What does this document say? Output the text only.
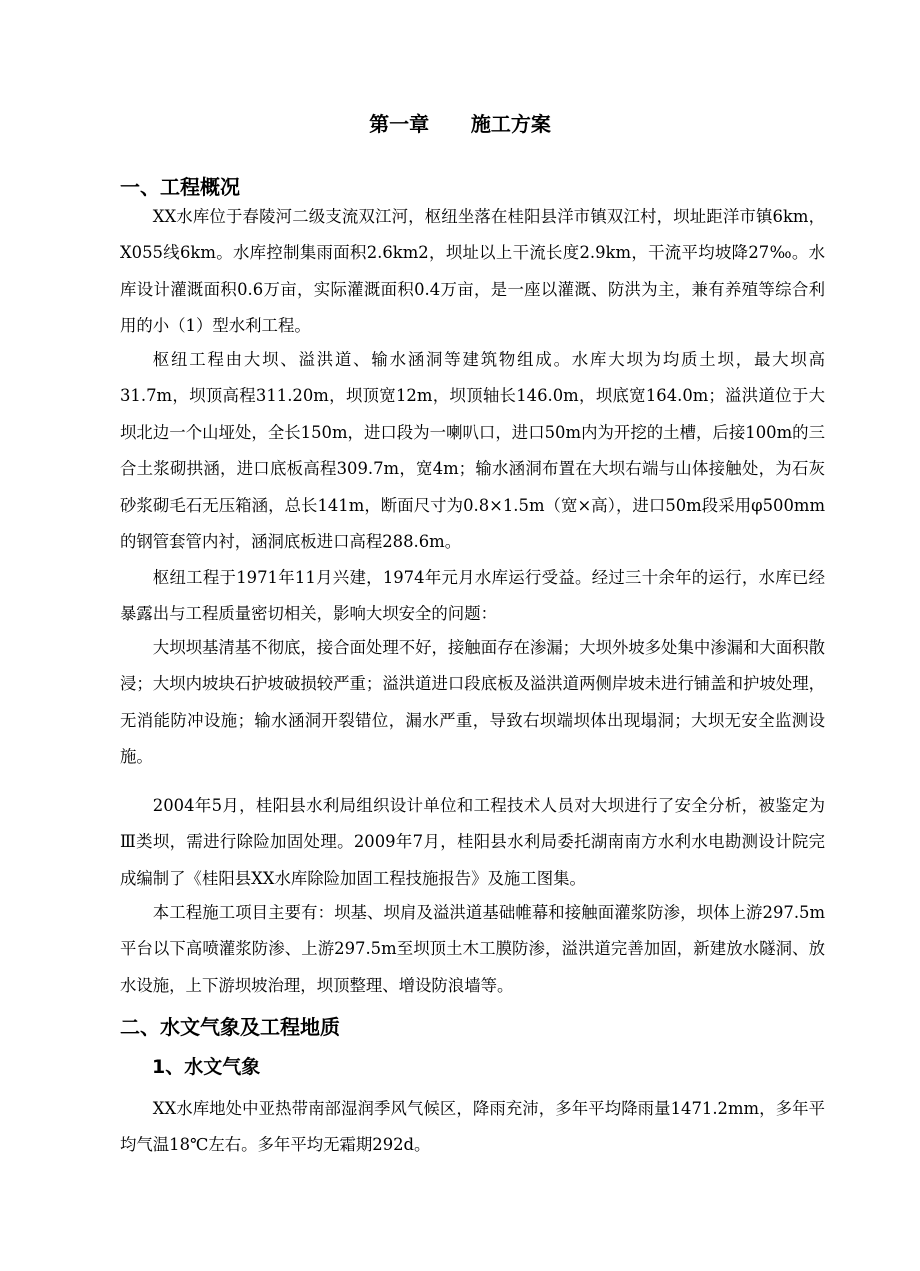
第一章      施工方案
一、工程概况

XX水库位于春陵河二级支流双江河，枢纽坐落在桂阳县洋市镇双江村，坝址距洋市镇6km，X055线6km。水库控制集雨面积2.6km2，坝址以上干流长度2.9km，干流平均坡降27‰。水库设计灌溉面积0.6万亩，实际灌溉面积0.4万亩，是一座以灌溉、防洪为主，兼有养殖等综合利用的小（1）型水利工程。

枢纽工程由大坝、溢洪道、输水涵洞等建筑物组成。水库大坝为均质土坝，最大坝高31.7m，坝顶高程311.20m，坝顶宽12m，坝顶轴长146.0m，坝底宽164.0m；溢洪道位于大坝北边一个山垭处，全长150m，进口段为一喇叭口，进口50m内为开挖的土槽，后接100m的三合土浆砌拱涵，进口底板高程309.7m，宽4m；输水涵洞布置在大坝右端与山体接触处，为石灰砂浆砌毛石无压箱涵，总长141m，断面尺寸为0.8×1.5m（宽×高），进口50m段采用φ500mm的钢管套管内衬，涵洞底板进口高程288.6m。

枢纽工程于1971年11月兴建，1974年元月水库运行受益。经过三十余年的运行，水库已经暴露出与工程质量密切相关，影响大坝安全的问题：

大坝坝基清基不彻底，接合面处理不好，接触面存在渗漏；大坝外坡多处集中渗漏和大面积散浸；大坝内坡块石护坡破损较严重；溢洪道进口段底板及溢洪道两侧岸坡未进行铺盖和护坡处理，无消能防冲设施；输水涵洞开裂错位，漏水严重，导致右坝端坝体出现塌洞；大坝无安全监测设施。

2004年5月，桂阳县水利局组织设计单位和工程技术人员对大坝进行了安全分析，被鉴定为Ⅲ类坝，需进行除险加固处理。2009年7月，桂阳县水利局委托湖南南方水利水电勘测设计院完成编制了《桂阳县XX水库除险加固工程技施报告》及施工图集。

本工程施工项目主要有：坝基、坝肩及溢洪道基础帷幕和接触面灌浆防渗，坝体上游297.5m平台以下高喷灌浆防渗、上游297.5m至坝顶土木工膜防渗，溢洪道完善加固，新建放水隧洞、放水设施，上下游坝坡治理，坝顶整理、增设防浪墙等。

二、水文气象及工程地质
1、水文气象

XX水库地处中亚热带南部湿润季风气候区，降雨充沛，多年平均降雨量1471.2mm，多年平均气温18℃左右。多年平均无霜期292d。
